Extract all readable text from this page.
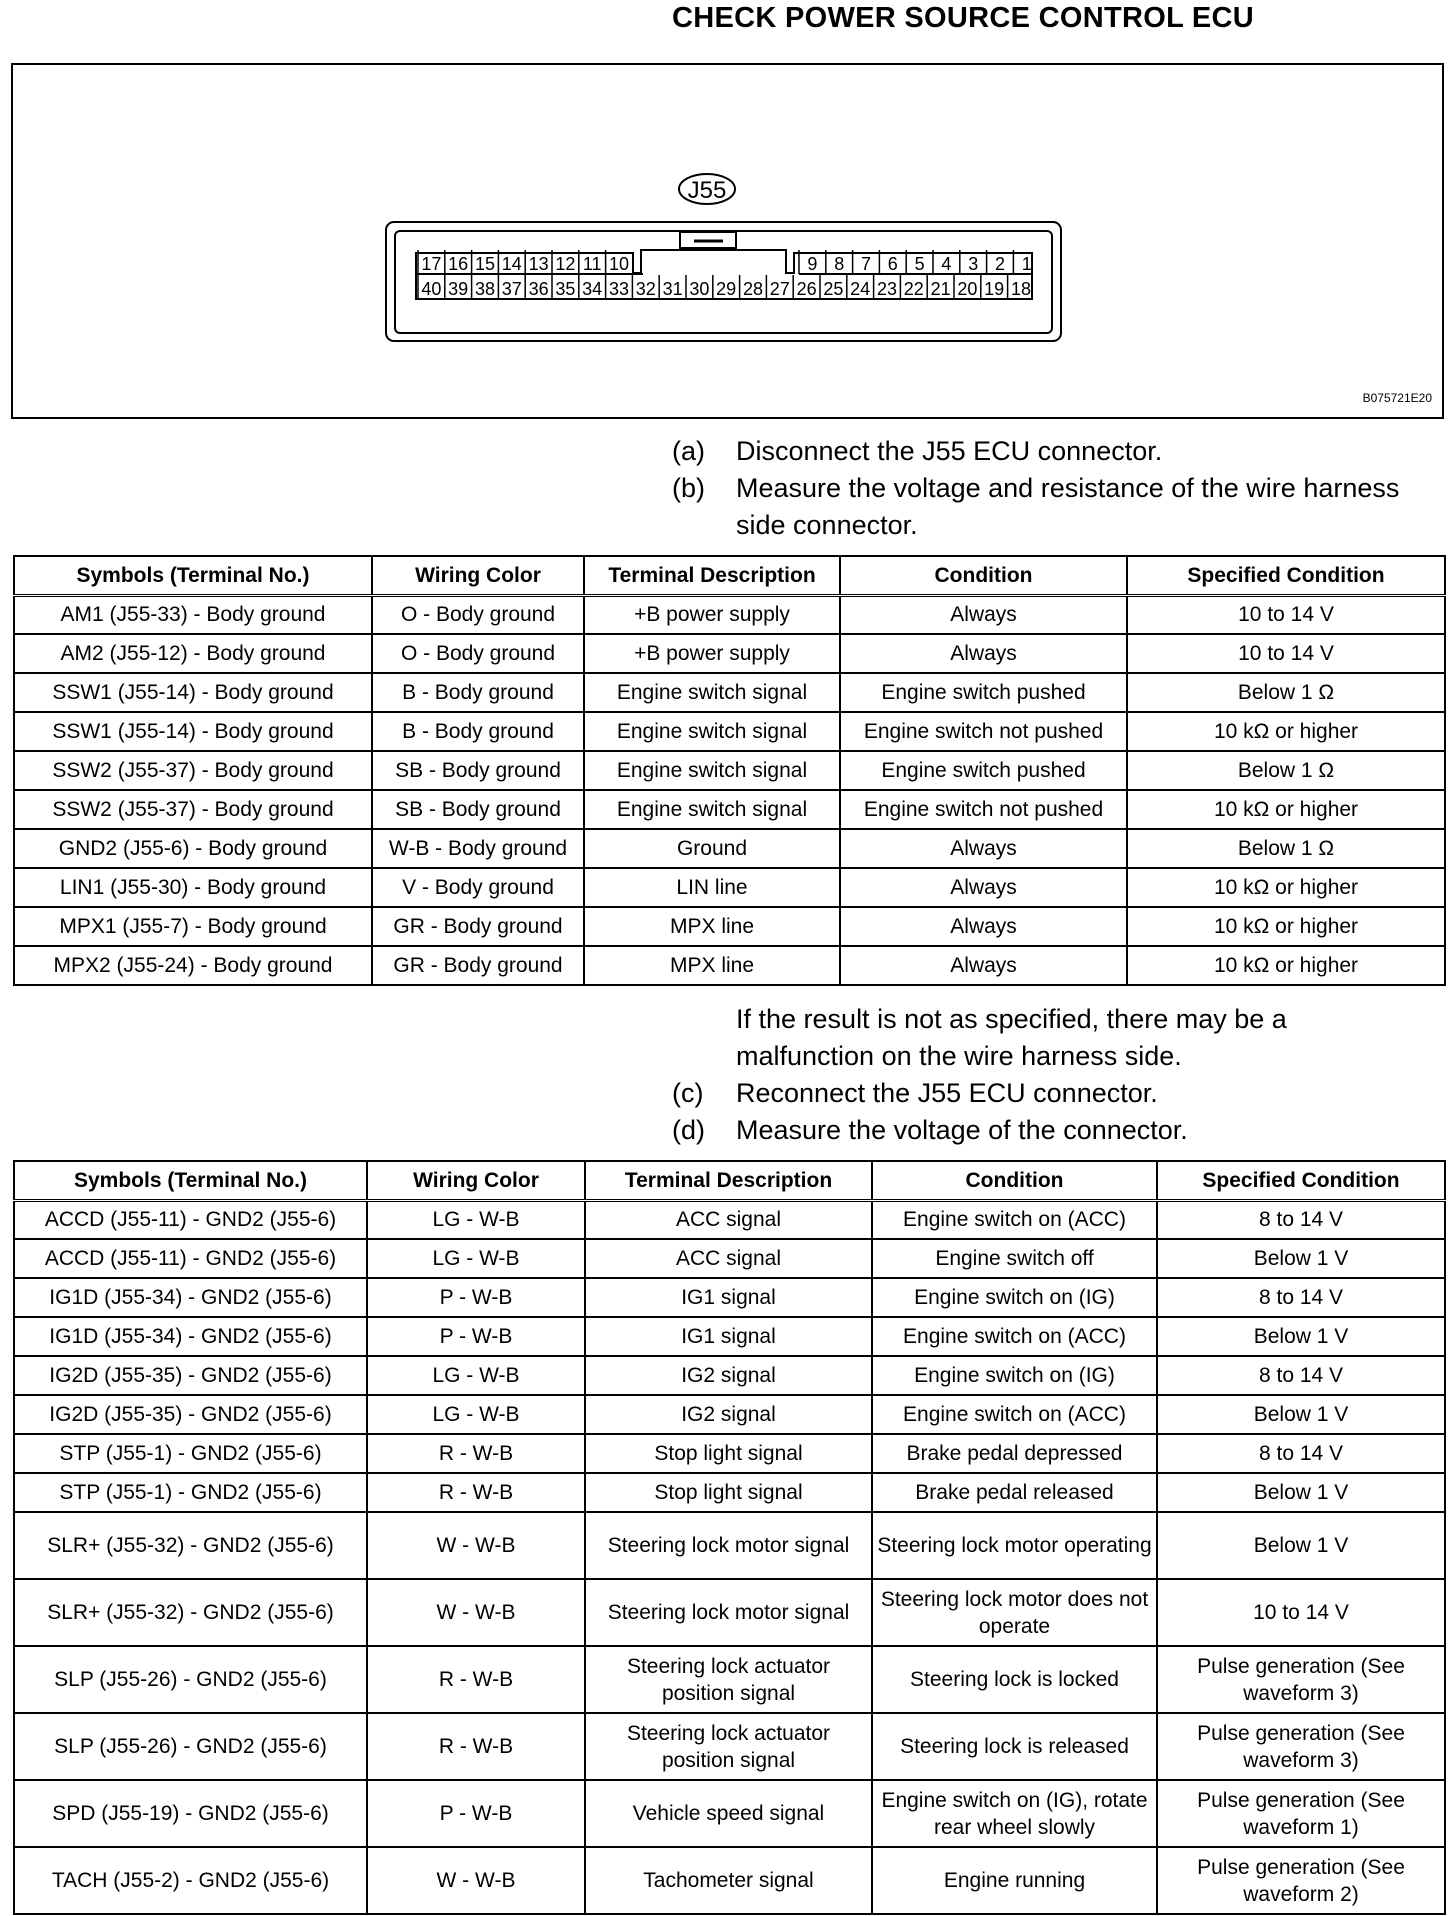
CHECK POWER SOURCE CONTROL ECU
J55
17 16 15 14 13 12 11 10	9 8 7 6 5 4 3 2 1
40 39 38 37 36 35 34 33 32 31 30 29 28 27 26 25 24 23 22 21 20 19 18
B075721E20
(a)	Disconnect the J55 ECU connector.
(b)	Measure the voltage and resistance of the wire harness side connector.
Symbols (Terminal No.)	Wiring Color	Terminal Description	Condition	Specified Condition
AM1 (J55-33) - Body ground	O - Body ground	+B power supply	Always	10 to 14 V
AM2 (J55-12) - Body ground	O - Body ground	+B power supply	Always	10 to 14 V
SSW1 (J55-14) - Body ground	B - Body ground	Engine switch signal	Engine switch pushed	Below 1 Ω
SSW1 (J55-14) - Body ground	B - Body ground	Engine switch signal	Engine switch not pushed	10 kΩ or higher
SSW2 (J55-37) - Body ground	SB - Body ground	Engine switch signal	Engine switch pushed	Below 1 Ω
SSW2 (J55-37) - Body ground	SB - Body ground	Engine switch signal	Engine switch not pushed	10 kΩ or higher
GND2 (J55-6) - Body ground	W-B - Body ground	Ground	Always	Below 1 Ω
LIN1 (J55-30) - Body ground	V - Body ground	LIN line	Always	10 kΩ or higher
MPX1 (J55-7) - Body ground	GR - Body ground	MPX line	Always	10 kΩ or higher
MPX2 (J55-24) - Body ground	GR - Body ground	MPX line	Always	10 kΩ or higher
If the result is not as specified, there may be a malfunction on the wire harness side.
(c)	Reconnect the J55 ECU connector.
(d)	Measure the voltage of the connector.
Symbols (Terminal No.)	Wiring Color	Terminal Description	Condition	Specified Condition
ACCD (J55-11) - GND2 (J55-6)	LG - W-B	ACC signal	Engine switch on (ACC)	8 to 14 V
ACCD (J55-11) - GND2 (J55-6)	LG - W-B	ACC signal	Engine switch off	Below 1 V
IG1D (J55-34) - GND2 (J55-6)	P - W-B	IG1 signal	Engine switch on (IG)	8 to 14 V
IG1D (J55-34) - GND2 (J55-6)	P - W-B	IG1 signal	Engine switch on (ACC)	Below 1 V
IG2D (J55-35) - GND2 (J55-6)	LG - W-B	IG2 signal	Engine switch on (IG)	8 to 14 V
IG2D (J55-35) - GND2 (J55-6)	LG - W-B	IG2 signal	Engine switch on (ACC)	Below 1 V
STP (J55-1) - GND2 (J55-6)	R - W-B	Stop light signal	Brake pedal depressed	8 to 14 V
STP (J55-1) - GND2 (J55-6)	R - W-B	Stop light signal	Brake pedal released	Below 1 V
SLR+ (J55-32) - GND2 (J55-6)	W - W-B	Steering lock motor signal	Steering lock motor operating	Below 1 V
SLR+ (J55-32) - GND2 (J55-6)	W - W-B	Steering lock motor signal	Steering lock motor does not operate	10 to 14 V
SLP (J55-26) - GND2 (J55-6)	R - W-B	Steering lock actuator position signal	Steering lock is locked	Pulse generation (See waveform 3)
SLP (J55-26) - GND2 (J55-6)	R - W-B	Steering lock actuator position signal	Steering lock is released	Pulse generation (See waveform 3)
SPD (J55-19) - GND2 (J55-6)	P - W-B	Vehicle speed signal	Engine switch on (IG), rotate rear wheel slowly	Pulse generation (See waveform 1)
TACH (J55-2) - GND2 (J55-6)	W - W-B	Tachometer signal	Engine running	Pulse generation (See waveform 2)
